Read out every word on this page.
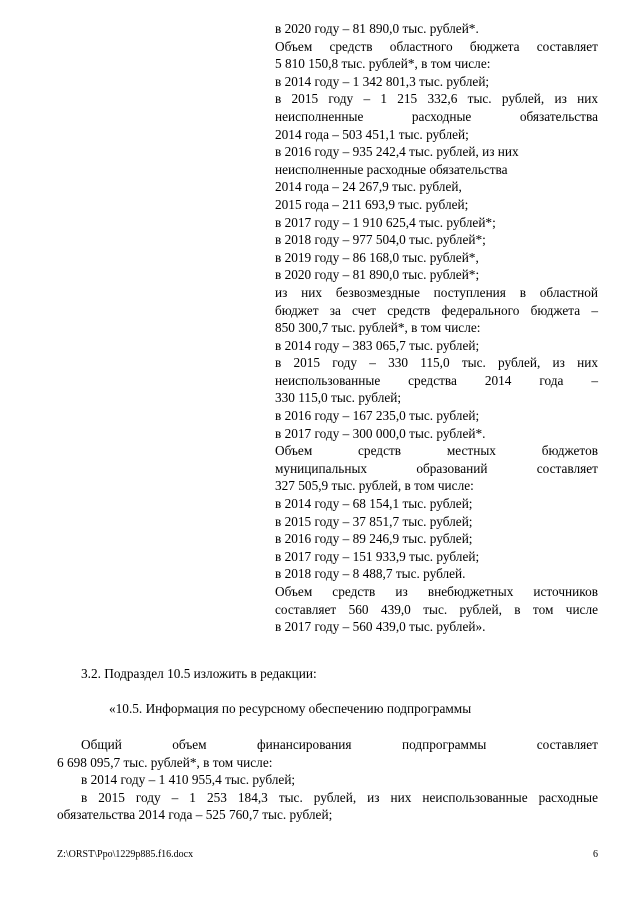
в 2020 году – 81 890,0 тыс. рублей*.
Объем средств областного бюджета составляет
5 810 150,8 тыс. рублей*, в том числе:
в 2014 году – 1 342 801,3 тыс. рублей;
в 2015 году – 1 215 332,6 тыс. рублей, из них
неисполненные расходные обязательства
2014 года – 503 451,1 тыс. рублей;
в 2016 году – 935 242,4 тыс. рублей, из них
неисполненные расходные обязательства
2014 года – 24 267,9 тыс. рублей,
2015 года – 211 693,9 тыс. рублей;
в 2017 году – 1 910 625,4 тыс. рублей*;
в 2018 году – 977 504,0 тыс. рублей*;
в 2019 году – 86 168,0 тыс. рублей*,
в 2020 году – 81 890,0 тыс. рублей*;
из них безвозмездные поступления в областной
бюджет за счет средств федерального бюджета –
850 300,7 тыс. рублей*, в том числе:
в 2014 году – 383 065,7 тыс. рублей;
в 2015 году – 330 115,0 тыс. рублей, из них
неиспользованные средства 2014 года –
330 115,0 тыс. рублей;
в 2016 году – 167 235,0 тыс. рублей;
в 2017 году – 300 000,0 тыс. рублей*.
Объем средств местных бюджетов
муниципальных образований составляет
327 505,9 тыс. рублей, в том числе:
в 2014 году – 68 154,1 тыс. рублей;
в 2015 году – 37 851,7 тыс. рублей;
в 2016 году – 89 246,9 тыс. рублей;
в 2017 году – 151 933,9 тыс. рублей;
в 2018 году – 8 488,7 тыс. рублей.
Объем средств из внебюджетных источников
составляет 560 439,0 тыс. рублей, в том числе
в 2017 году – 560 439,0 тыс. рублей».
3.2. Подраздел 10.5 изложить в редакции:
«10.5. Информация по ресурсному обеспечению подпрограммы
Общий объем финансирования подпрограммы составляет
6 698 095,7 тыс. рублей*, в том числе:
в 2014 году – 1 410 955,4 тыс. рублей;
в 2015 году – 1 253 184,3 тыс. рублей, из них неиспользованные расходные
обязательства 2014 года – 525 760,7 тыс. рублей;
Z:\ORST\Ppo\1229p885.f16.docx	6
